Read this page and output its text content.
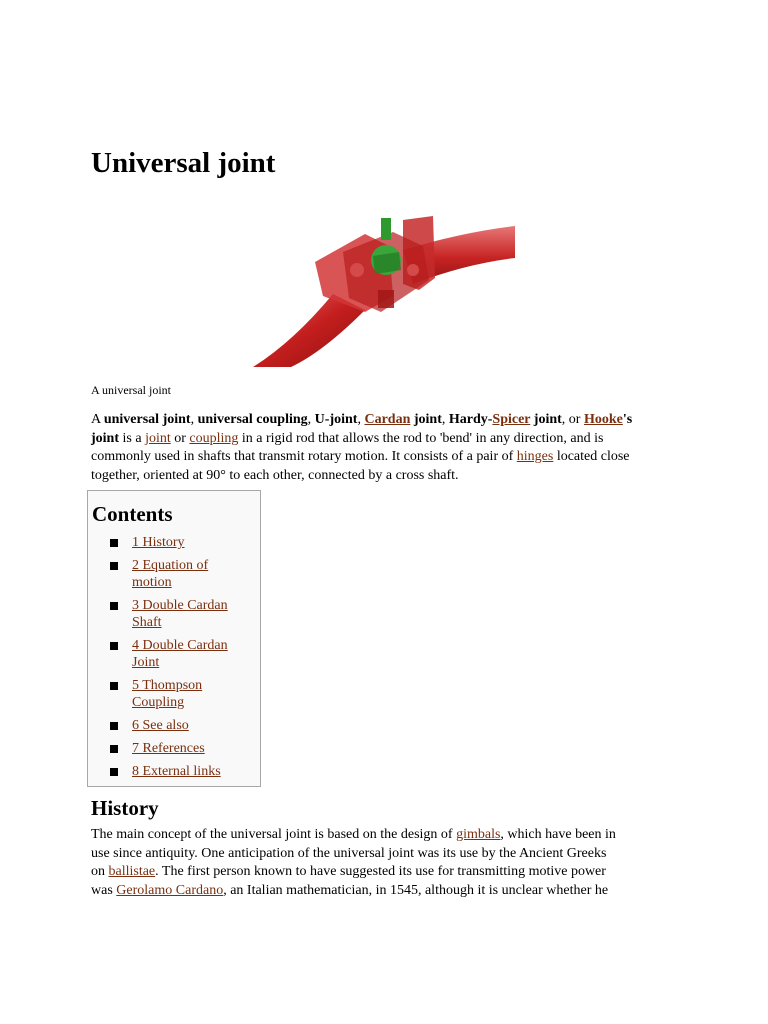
Universal joint
A universal joint
A universal joint, universal coupling, U-joint, Cardan joint, Hardy-Spicer joint, or Hooke's
joint is a joint or coupling in a rigid rod that allows the rod to 'bend' in any direction, and is
commonly used in shafts that transmit rotary motion. It consists of a pair of hinges located close
together, oriented at 90° to each other, connected by a cross shaft.
Contents
1 History
2 Equation of
motion
3 Double Cardan
Shaft
4 Double Cardan
Joint
5 Thompson
Coupling
6 See also
7 References
8 External links
History
The main concept of the universal joint is based on the design of gimbals, which have been in
use since antiquity. One anticipation of the universal joint was its use by the Ancient Greeks
on ballistae. The first person known to have suggested its use for transmitting motive power
was Gerolamo Cardano, an Italian mathematician, in 1545, although it is unclear whether he
